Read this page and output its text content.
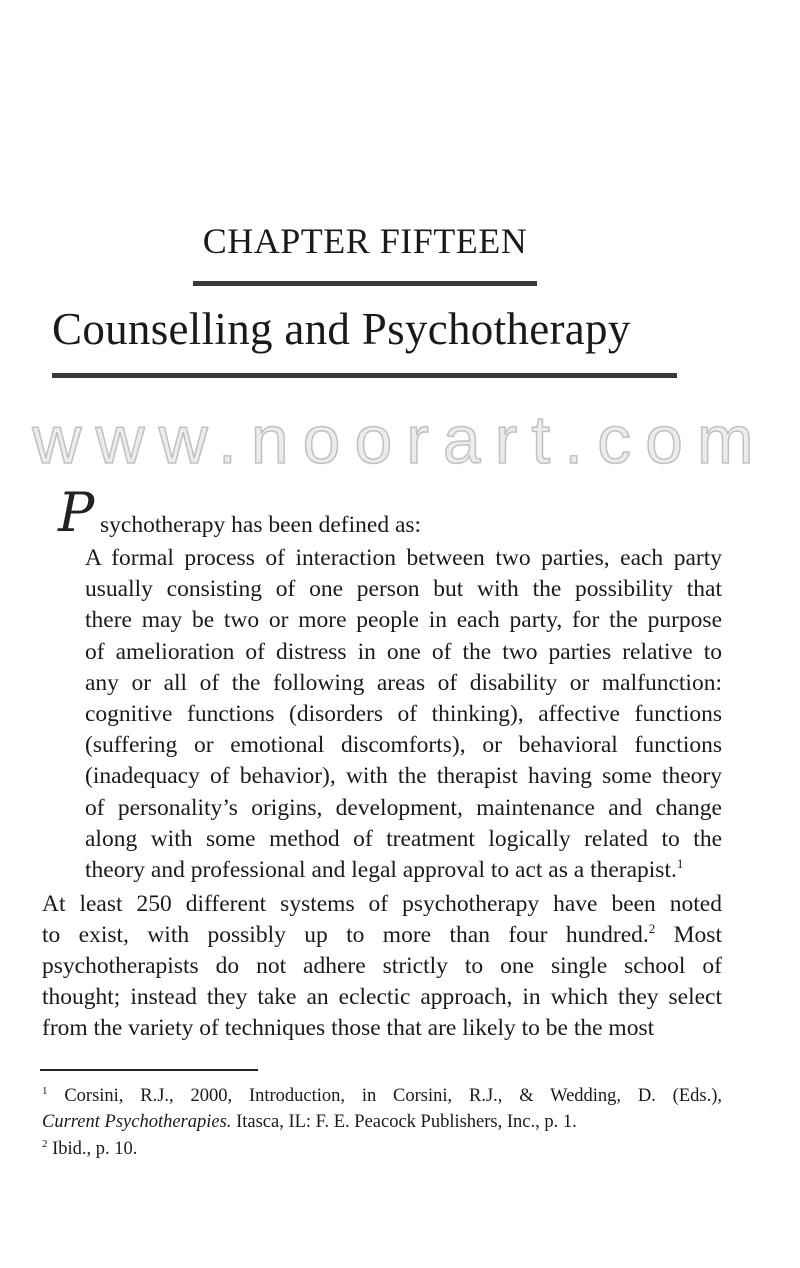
CHAPTER FIFTEEN
Counselling and Psychotherapy
www.noorart.com
P sychotherapy has been defined as:
A formal process of interaction between two parties, each party
usually consisting of one person but with the possibility that
there may be two or more people in each party, for the purpose
of amelioration of distress in one of the two parties relative to
any or all of the following areas of disability or malfunction:
cognitive functions (disorders of thinking), affective functions
(suffering or emotional discomforts), or behavioral functions
(inadequacy of behavior), with the therapist having some theory
of personality’s origins, development, maintenance and change
along with some method of treatment logically related to the
theory and professional and legal approval to act as a therapist.$^1$
At least 250 different systems of psychotherapy have been noted
to exist, with possibly up to more than four hundred.$^2$ Most
psychotherapists do not adhere strictly to one single school of
thought; instead they take an eclectic approach, in which they select
from the variety of techniques those that are likely to be the most
$^1$ Corsini, R.J., 2000, Introduction, in Corsini, R.J., & Wedding, D. (Eds.),
Current Psychotherapies. Itasca, IL: F. E. Peacock Publishers, Inc., p. 1.
$^2$ Ibid., p. 10.
